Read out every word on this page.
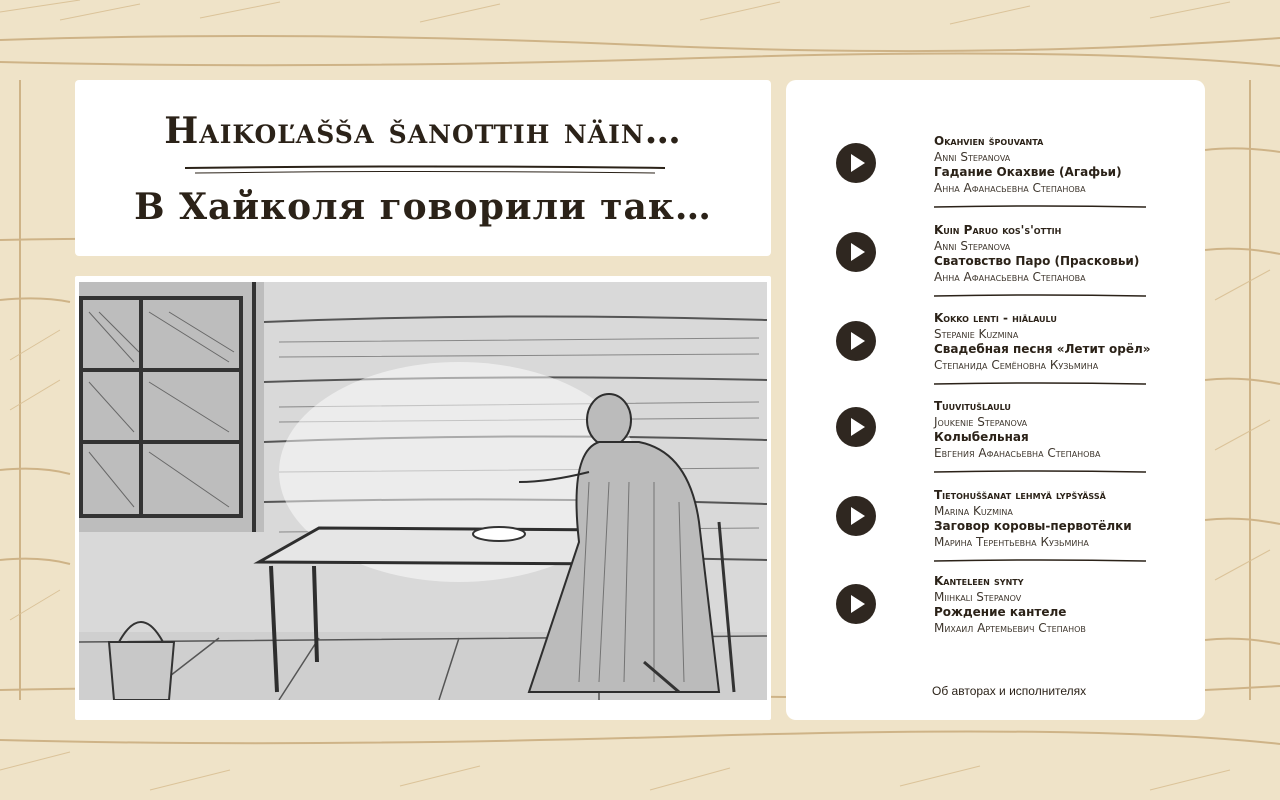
Haikoľaššа šanottih näin…
В Хайколя говорили так…
Okahvien špouvanta
Anni Stepanova
Гадание Окахвие (Агафьи)
Анна Афанасьевна Степанова
Kuin Paruo kos's'ottih
Anni Stepanova
Сватовство Паро (Прасковьи)
Анна Афанасьевна Степанова
Kokko lenti - hiälaulu
Stepanie Kuzmina
Свадебная песня «Летит орёл»
Степанида Семёновна Кузьмина
Tuuvitušlaulu
Joukenie Stepanova
Колыбельная
Евгения Афанасьевна Степанова
Tietohuššanat lehmyä lypšyässä
Marina Kuzmina
Заговор коровы-первотёлки
Марина Терентьевна Кузьмина
Kanteleen synty
Miihkali Stepanov
Рождение кантеле
Михаил Артемьевич Степанов
Об авторах и исполнителях
